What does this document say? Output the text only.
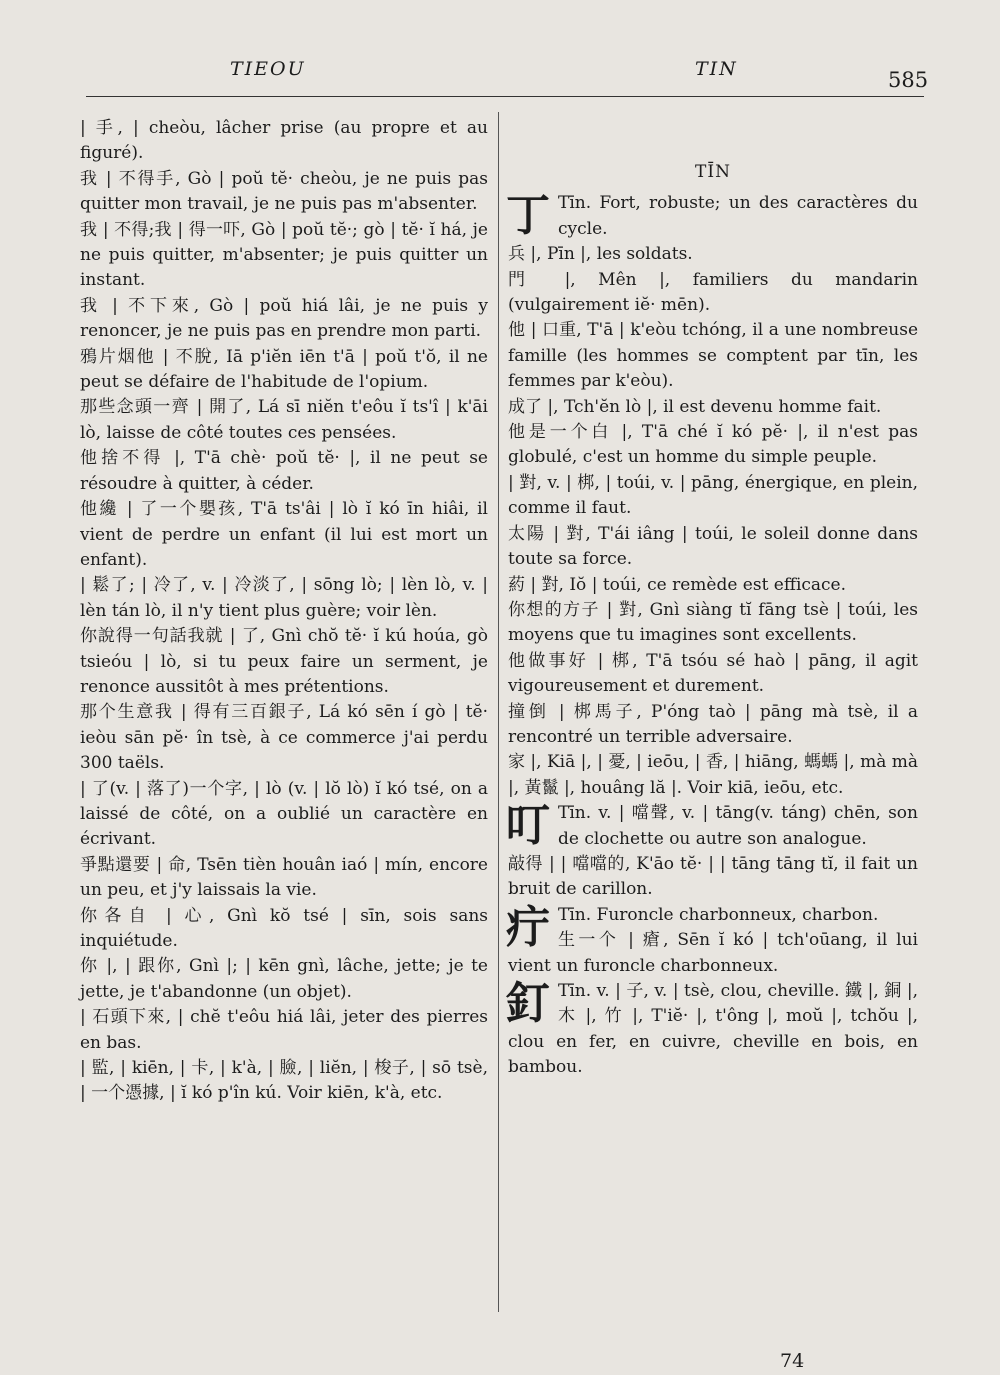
TIEOU	TIN	585

| 手, | cheòu, lâcher prise (au propre et au figuré).

我 | 不得手, Gò | poŭ tĕ· cheòu, je ne puis pas quitter mon travail, je ne puis pas m'absenter.

我 | 不得;我 | 得一吓, Gò | poŭ tĕ·; gò | tĕ· ĭ há, je ne puis quitter, m'absenter; je puis quitter un instant.

我 | 不下來, Gò | poŭ hiá lâi, je ne puis y renoncer, je ne puis pas en prendre mon parti.

鴉片烟他 | 不脫, Iā p'iĕn iēn t'ā | poŭ t'ŏ, il ne peut se défaire de l'habitude de l'opium.

那些念頭一齊 | 開了, Lá sī niĕn t'eôu ĭ ts'î | k'āi lò, laisse de côté toutes ces pensées.

他捨不得 |, T'ā chè· poŭ tĕ· |, il ne peut se résoudre à quitter, à céder.

他纔 | 了一个嬰孩, T'ā ts'âi | lò ĭ kó īn hiâi, il vient de perdre un enfant (il lui est mort un enfant).

| 鬆了; | 冷了, v. | 冷淡了, | sōng lò; | lèn lò, v. | lèn tán lò, il n'y tient plus guère; voir lèn.

你說得一句話我就 | 了, Gnì chŏ tĕ· ĭ kú hoúa, gò tsieóu | lò, si tu peux faire un serment, je renonce aussitôt à mes prétentions.

那个生意我 | 得有三百銀子, Lá kó sēn í gò | tĕ· ieòu sān pĕ· în tsè, à ce commerce j'ai perdu 300 taëls.

| 了(v. | 落了)一个字, | lò (v. | lŏ lò) ĭ kó tsé, on a laissé de côté, on a oublié un caractère en écrivant.

爭點還要 | 命, Tsēn tièn houân iaó | mín, encore un peu, et j'y laissais la vie.

你各自 | 心, Gnì kŏ tsé | sīn, sois sans inquiétude.

你 |, | 跟你, Gnì |; | kēn gnì, lâche, jette; je te jette, je t'abandonne (un objet).

| 石頭下來, | chĕ t'eôu hiá lâi, jeter des pierres en bas.

| 監, | kiēn, | 卡, | k'à, | 臉, | liĕn, | 梭子, | sō tsè, | 一个憑據, | ĭ kó p'în kú. Voir kiēn, k'à, etc.

TĪN

丁 Tīn. Fort, robuste; un des caractères du cycle.

兵 |, Pīn |, les soldats.

門 |, Mên |, familiers du mandarin (vulgairement iĕ· mēn).

他 | 口重, T'ā | k'eòu tchóng, il a une nombreuse famille (les hommes se comptent par tīn, les femmes par k'eòu).

成了 |, Tch'ĕn lò |, il est devenu homme fait.

他是一个白 |, T'ā ché ĭ kó pĕ· |, il n'est pas globulé, c'est un homme du simple peuple.

| 對, v. | 梆, | toúi, v. | pāng, énergique, en plein, comme il faut.

太陽 | 對, T'ái iâng | toúi, le soleil donne dans toute sa force.

葯 | 對, Iŏ | toúi, ce remède est efficace.

你想的方子 | 對, Gnì siàng tĭ fāng tsè | toúi, les moyens que tu imagines sont excellents.

他做事好 | 梆, T'ā tsóu sé haò | pāng, il agit vigoureusement et durement.

撞倒 | 梆馬子, P'óng taò | pāng mà tsè, il a rencontré un terrible adversaire.

家 |, Kiā |, | 憂, | ieōu, | 香, | hiāng, 螞螞 |, mà mà |, 黃鬣 |, houâng lă |. Voir kiā, ieōu, etc.

叮 Tīn. v. | 噹聲, v. | tāng(v. táng) chēn, son de clochette ou autre son analogue.

敲得 | | 噹噹的, K'āo tĕ· | | tāng tāng tĭ, il fait un bruit de carillon.

疔 Tīn. Furoncle charbonneux, charbon.

生一个 | 瘡, Sēn ĭ kó | tch'oūang, il lui vient un furoncle charbonneux.

釘 Tīn. v. | 子, v. | tsè, clou, cheville. 鐵 |, 銅 |, 木 |, 竹 |, T'iĕ· |, t'ông |, moŭ |, tchŏu |, clou en fer, en cuivre, cheville en bois, en bambou.

74
